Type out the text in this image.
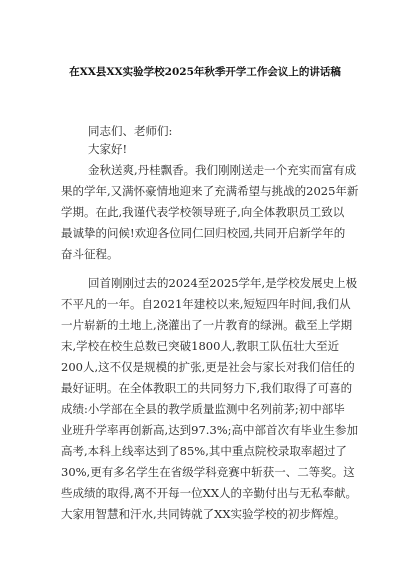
在XX县XX实验学校2025年秋季开学工作会议上的讲话稿
同志们、老师们:
大家好!
金秋送爽,丹桂飘香。我们刚刚送走一个充实而富有成
果的学年,又满怀豪情地迎来了充满希望与挑战的2025年新
学期。在此,我谨代表学校领导班子,向全体教职员工致以
最诚挚的问候!欢迎各位同仁回归校园,共同开启新学年的
奋斗征程。
回首刚刚过去的2024至2025学年,是学校发展史上极
不平凡的一年。自2021年建校以来,短短四年时间,我们从
一片崭新的土地上,浇灌出了一片教育的绿洲。截至上学期
末,学校在校生总数已突破1800人,教职工队伍壮大至近
200人,这不仅是规模的扩张,更是社会与家长对我们信任的
最好证明。在全体教职工的共同努力下,我们取得了可喜的
成绩:小学部在全县的教学质量监测中名列前茅;初中部毕
业班升学率再创新高,达到97.3%;高中部首次有毕业生参加
高考,本科上线率达到了85%,其中重点院校录取率超过了
30%,更有多名学生在省级学科竞赛中斩获一、二等奖。这
些成绩的取得,离不开每一位XX人的辛勤付出与无私奉献。
大家用智慧和汗水,共同铸就了XX实验学校的初步辉煌。
